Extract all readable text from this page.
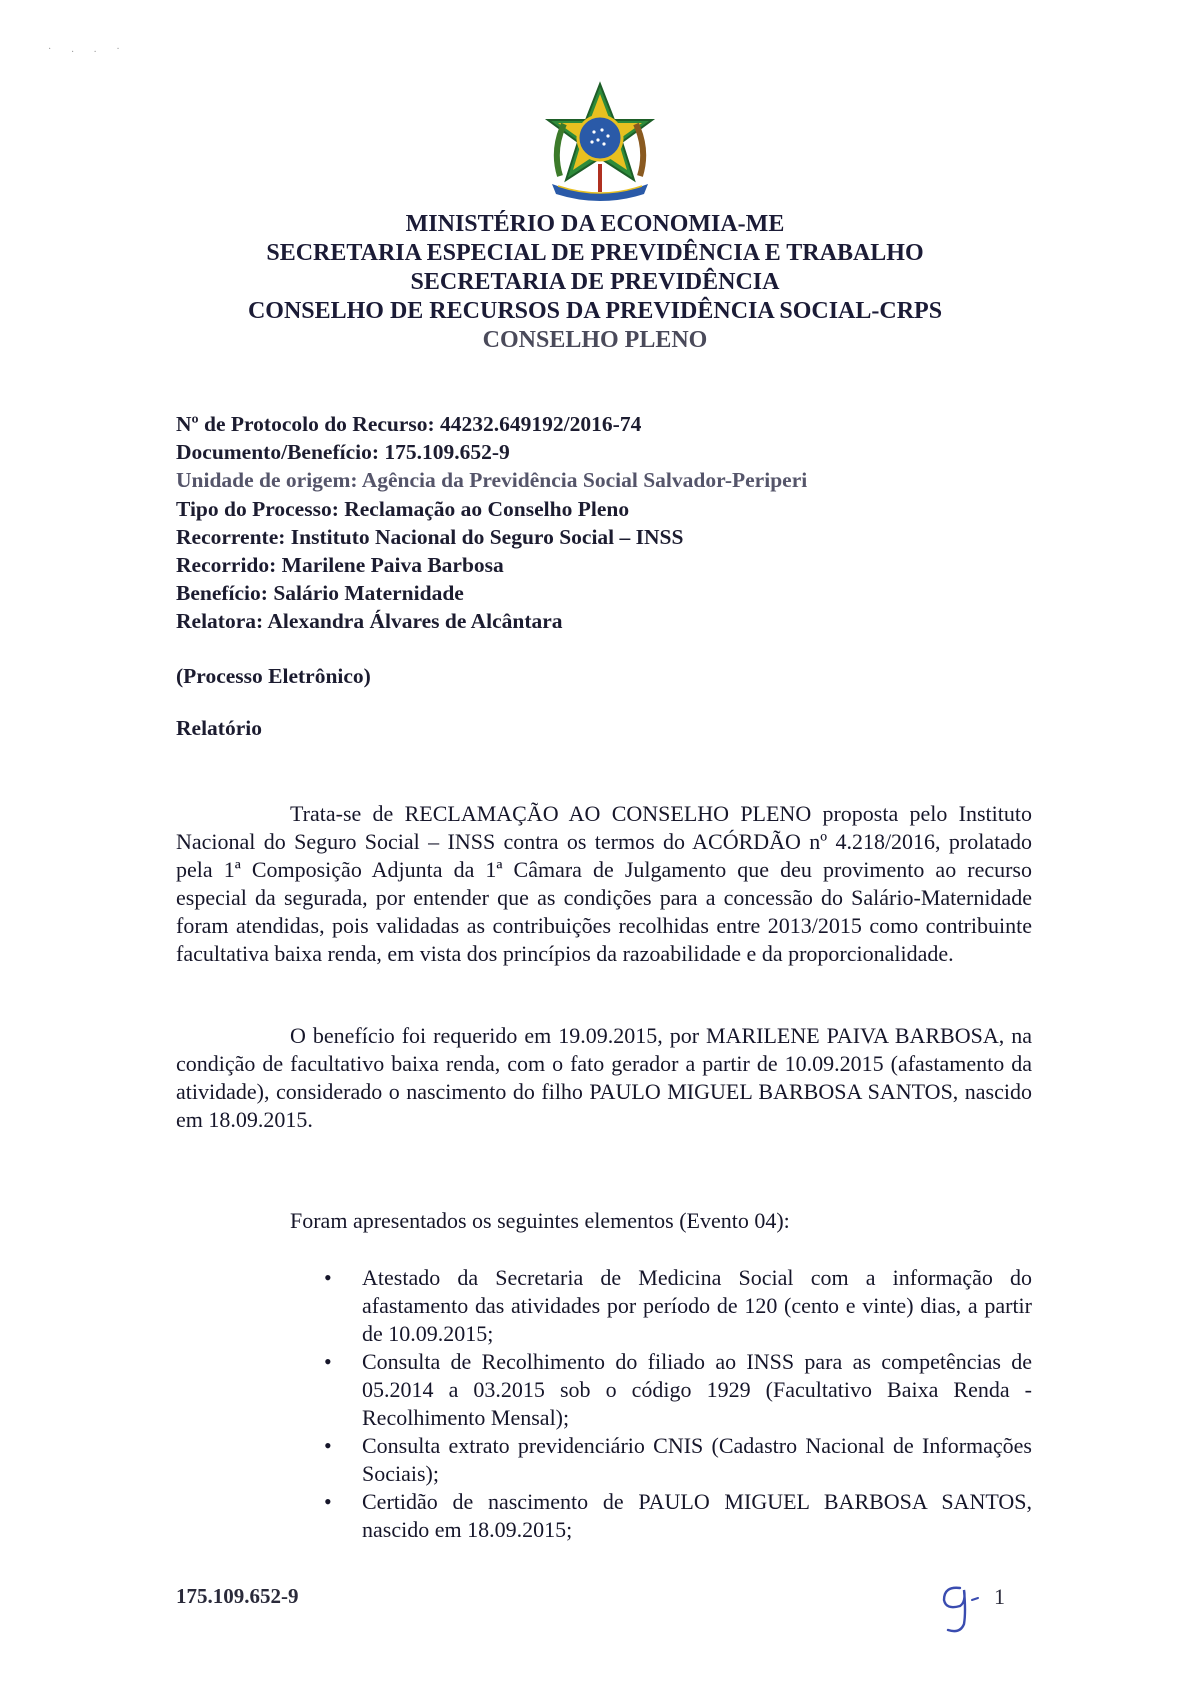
·..·
MINISTÉRIO DA ECONOMIA-ME
SECRETARIA ESPECIAL DE PREVIDÊNCIA E TRABALHO
SECRETARIA DE PREVIDÊNCIA
CONSELHO DE RECURSOS DA PREVIDÊNCIA SOCIAL-CRPS
CONSELHO PLENO
Nº de Protocolo do Recurso: 44232.649192/2016-74
Documento/Benefício: 175.109.652-9
Unidade de origem: Agência da Previdência Social Salvador-Periperi
Tipo do Processo: Reclamação ao Conselho Pleno
Recorrente: Instituto Nacional do Seguro Social – INSS
Recorrido: Marilene Paiva Barbosa
Benefício: Salário Maternidade
Relatora: Alexandra Álvares de Alcântara
(Processo Eletrônico)
Relatório
Trata-se de RECLAMAÇÃO AO CONSELHO PLENO proposta pelo Instituto Nacional do Seguro Social – INSS contra os termos do ACÓRDÃO nº 4.218/2016, prolatado pela 1ª Composição Adjunta da 1ª Câmara de Julgamento que deu provimento ao recurso especial da segurada, por entender que as condições para a concessão do Salário-Maternidade foram atendidas, pois validadas as contribuições recolhidas entre 2013/2015 como contribuinte facultativa baixa renda, em vista dos princípios da razoabilidade e da proporcionalidade.
O benefício foi requerido em 19.09.2015, por MARILENE PAIVA BARBOSA, na condição de facultativo baixa renda, com o fato gerador a partir de 10.09.2015 (afastamento da atividade), considerado o nascimento do filho PAULO MIGUEL BARBOSA SANTOS, nascido em 18.09.2015.
Foram apresentados os seguintes elementos (Evento 04):
• Atestado da Secretaria de Medicina Social com a informação do afastamento das atividades por período de 120 (cento e vinte) dias, a partir de 10.09.2015;
• Consulta de Recolhimento do filiado ao INSS para as competências de 05.2014 a 03.2015 sob o código 1929 (Facultativo Baixa Renda - Recolhimento Mensal);
• Consulta extrato previdenciário CNIS (Cadastro Nacional de Informações Sociais);
• Certidão de nascimento de PAULO MIGUEL BARBOSA SANTOS, nascido em 18.09.2015;
175.109.652-9	1
